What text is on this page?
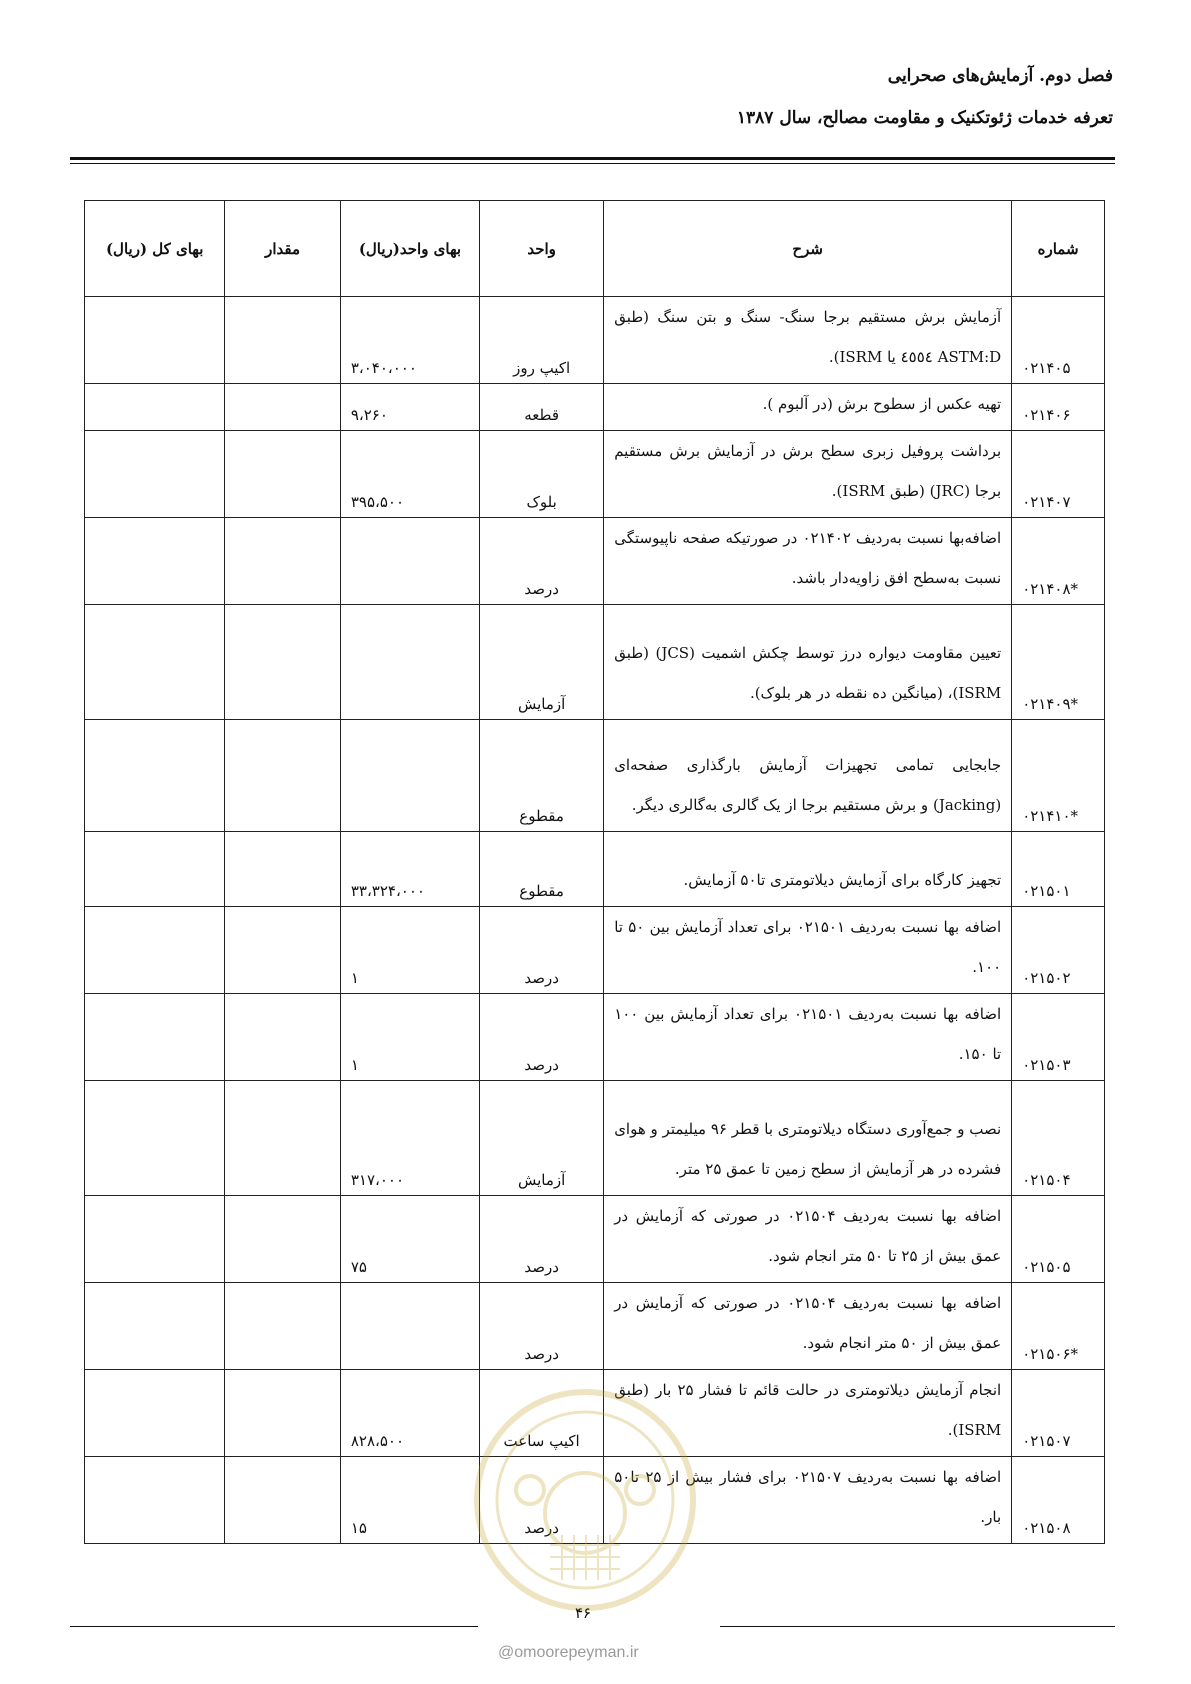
فصل دوم. آزمایش‌های صحرایی
تعرفه خدمات ژئوتکنیک و مقاومت مصالح، سال ۱۳۸۷
شماره	شرح	واحد	بهای واحد(ریال)	مقدار	بهای کل (ریال)
۰۲۱۴۰۵	آزمایش برش مستقیم برجا سنگ- سنگ و بتن سنگ (طبق ASTM:D ٤٥٥٤ یا ISRM).	اکیپ روز	۳،۰۴۰،۰۰۰		
۰۲۱۴۰۶	تهیه عکس از سطوح برش (در آلبوم ).	قطعه	۹،۲۶۰		
۰۲۱۴۰۷	برداشت پروفیل زبری سطح برش در آزمایش برش مستقیم برجا (JRC) (طبق ISRM).	بلوک	۳۹۵،۵۰۰		
۰۲۱۴۰۸*	اضافه‌بها نسبت به‌ردیف ۰۲۱۴۰۲ در صورتیکه صفحه ناپیوستگی نسبت به‌سطح افق زاویه‌دار باشد.	درصد			
۰۲۱۴۰۹*	تعیین مقاومت دیواره درز توسط چکش اشمیت (JCS) (طبق ISRM)، (میانگین ده نقطه در هر بلوک).	آزمایش			
۰۲۱۴۱۰*	جابجایی تمامی تجهیزات آزمایش بارگذاری صفحه‌ای (Jacking) و برش مستقیم برجا از یک گالری به‌گالری دیگر.	مقطوع			
۰۲۱۵۰۱	تجهیز کارگاه برای آزمایش دیلاتومتری تا۵۰ آزمایش.	مقطوع	۳۳،۳۲۴،۰۰۰		
۰۲۱۵۰۲	اضافه بها نسبت به‌ردیف ۰۲۱۵۰۱ برای تعداد آزمایش بین ۵۰ تا ۱۰۰.	درصد	۱		
۰۲۱۵۰۳	اضافه بها نسبت به‌ردیف ۰۲۱۵۰۱ برای تعداد آزمایش بین ۱۰۰ تا ۱۵۰.	درصد	۱		
۰۲۱۵۰۴	نصب و جمع‌آوری دستگاه دیلاتومتری با قطر ۹۶ میلیمتر و هوای فشرده در هر آزمایش از سطح زمین تا عمق ۲۵ متر.	آزمایش	۳۱۷،۰۰۰		
۰۲۱۵۰۵	اضافه بها نسبت به‌ردیف ۰۲۱۵۰۴ در صورتی که آزمایش در عمق بیش از ۲۵ تا ۵۰ متر انجام شود.	درصد	۷۵		
۰۲۱۵۰۶*	اضافه بها نسبت به‌ردیف ۰۲۱۵۰۴ در صورتی که آزمایش در عمق بیش از ۵۰ متر انجام شود.	درصد			
۰۲۱۵۰۷	انجام آزمایش دیلاتومتری در حالت قائم تا فشار ۲۵ بار (طبق ISRM).	اکیپ ساعت	۸۲۸،۵۰۰		
۰۲۱۵۰۸	اضافه بها نسبت به‌ردیف ۰۲۱۵۰۷ برای فشار بیش از ۲۵ تا۵۰ بار.	درصد	۱۵		
۴۶
@omoorepeyman.ir
